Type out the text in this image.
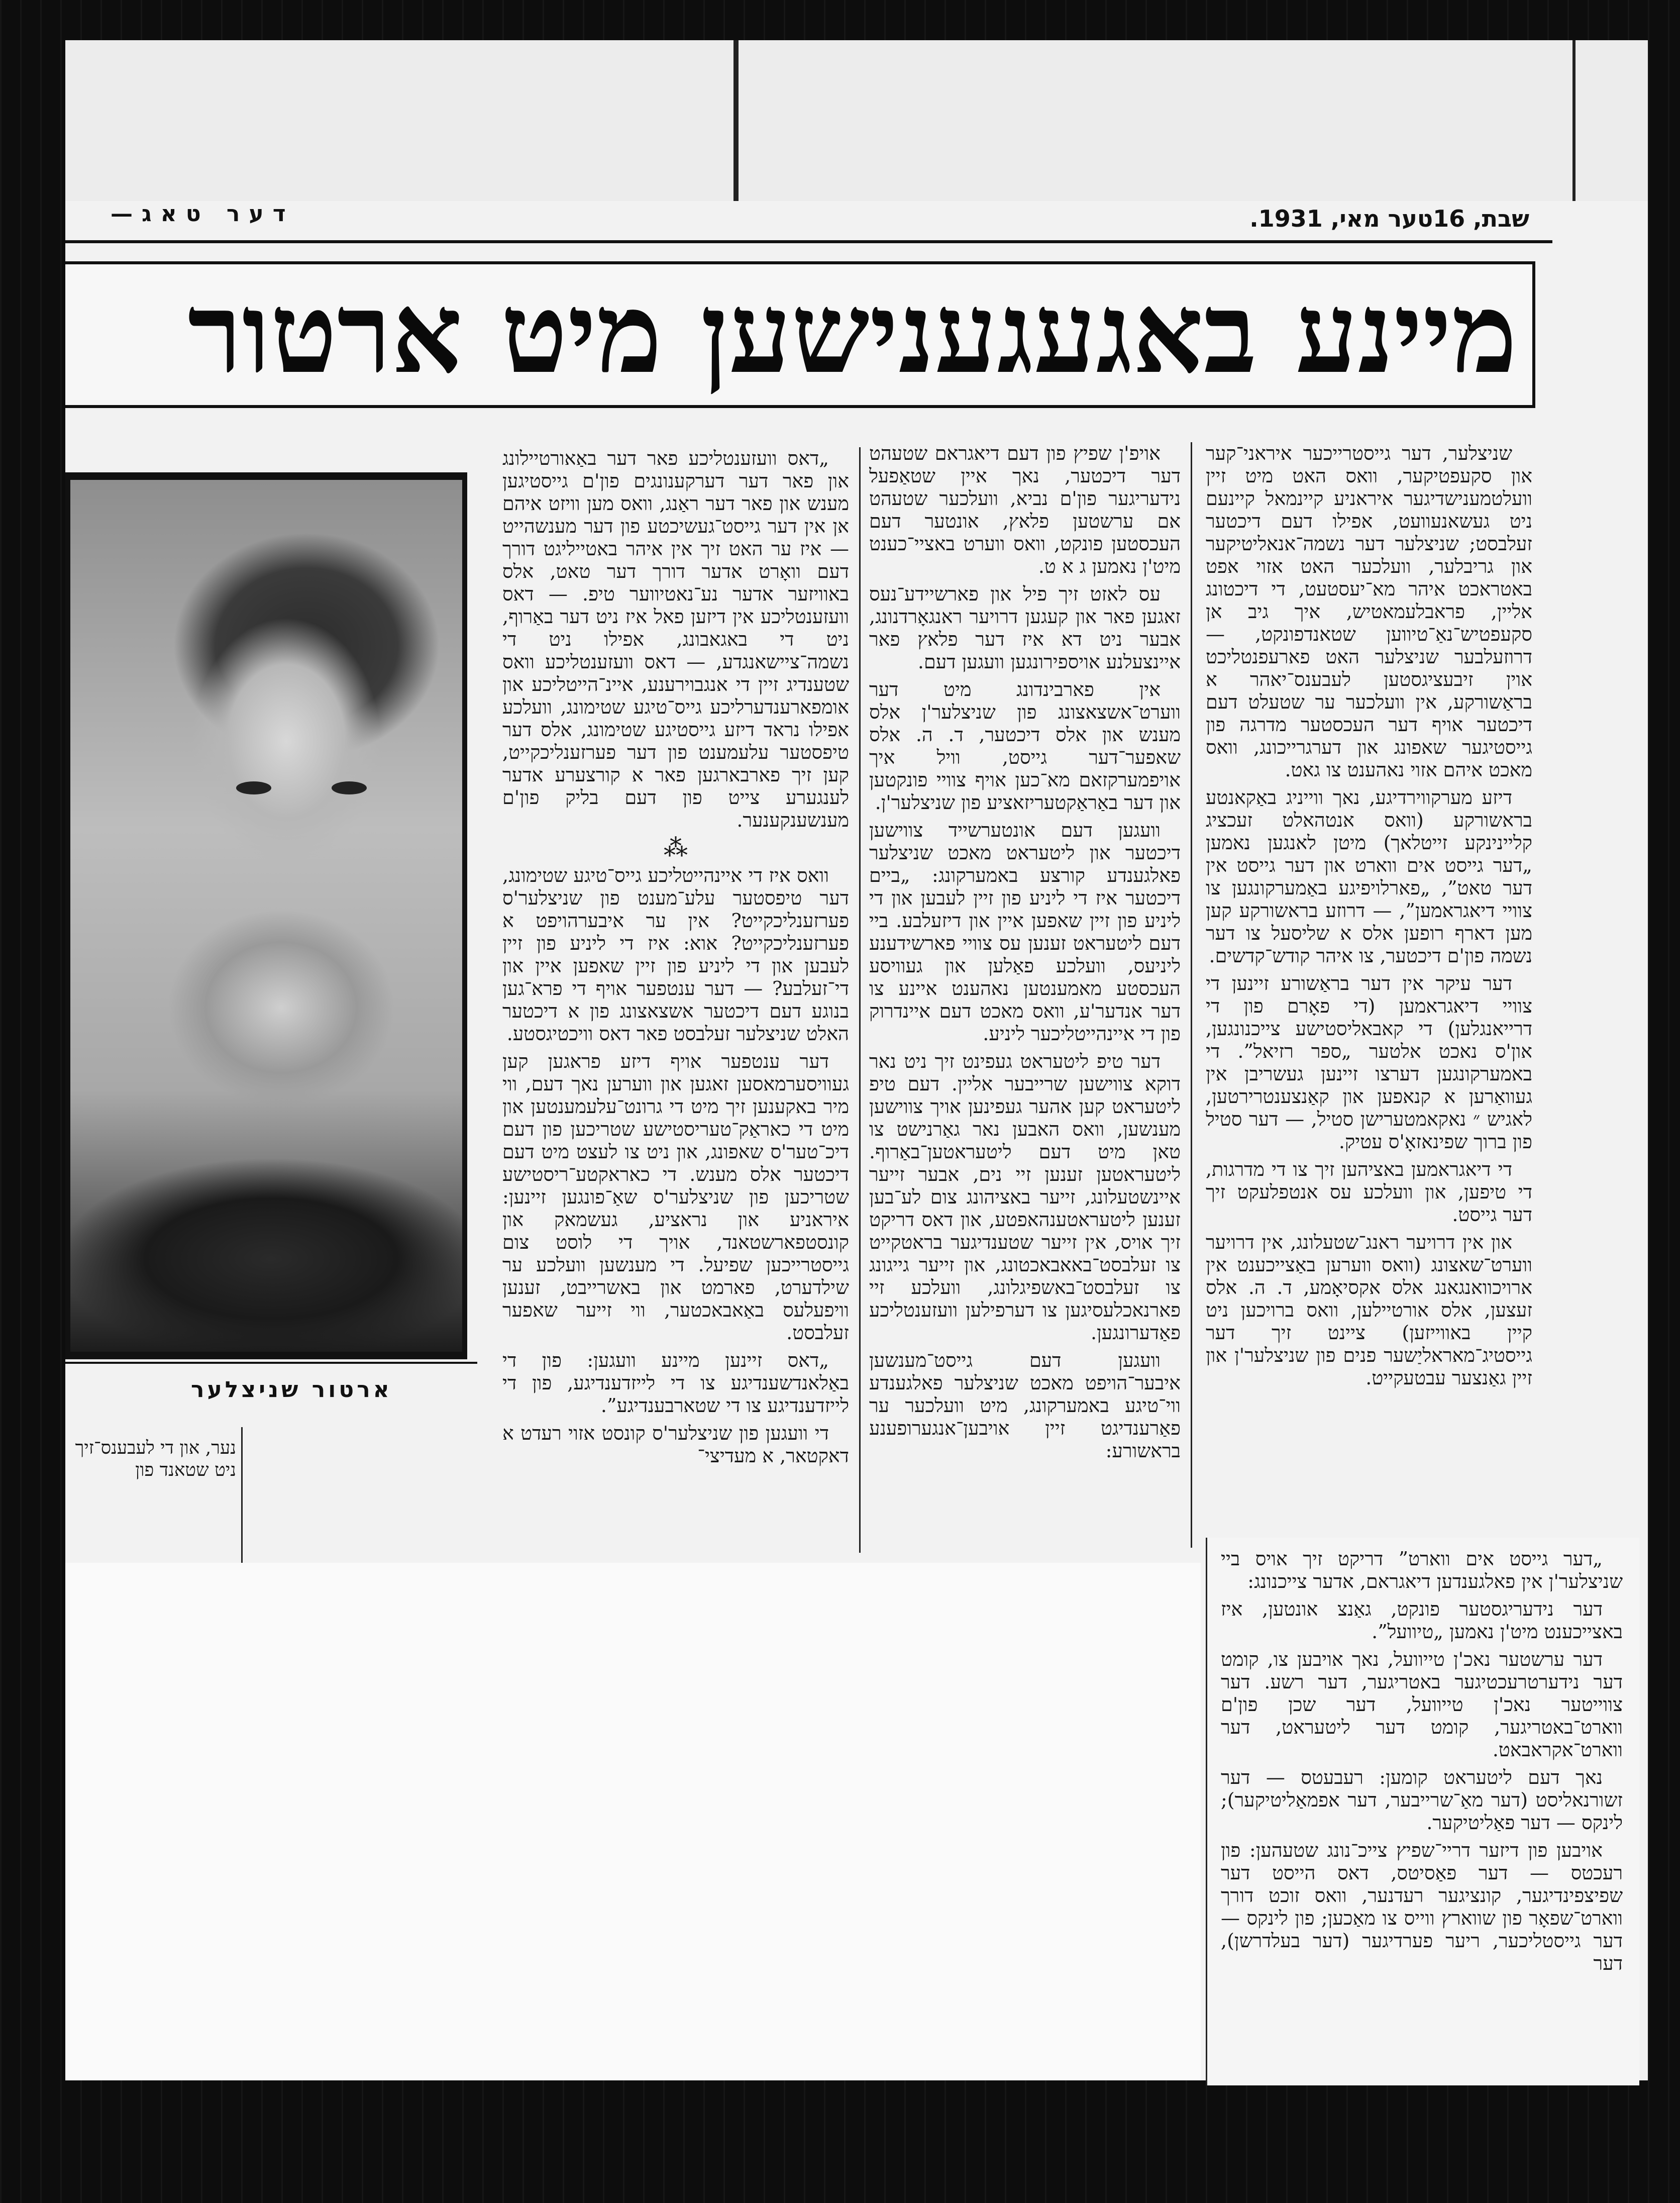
דער טאג—	שבת, 16טער מאי, 1931.
מיינע באגעגענישען מיט ארטור
ארטור שניצלער
נער, און די לעבענס־זיך ניט שטאנד פון

„דאס וועזענטליכע פאר דער באַאורטיילונג און פאר דער דערקענונגים פון'ם גייסטיגען מענש און פאר דער ראַנג, וואס מען וויזט איהם אן אין דער גייסט־געשיכטע פון דער מענשהייט — איז ער האט זיך אין איהר באטייליגט דורך דעם וואָרט אדער דורך דער טאט, אלס באוויזער אדער נע־נאטיווער טיפ. — דאס וועזענטליכע אין דיזען פאל איז ניט דער באַרוף, ניט די באגאבונג, אפילו ניט די נשמה־ציישאנגדע, — דאס וועזענטליכע וואס שטענדיג זיין די אנגבוירענע, איינ־הייטליכע און אומפארענדערליכע גייס־טיגע שטימונג, וועלכע אפילו נראד דיזע גייסטיגע שטימונג, אלס דער טיפסטער עלעמענט פון דער פערזענליכקייט, קען זיך פארבארגען פאר א קורצערע אדער לענגערע צייט פון דעם בליק פון'ם מענשענקענער.

⁂

וואס איז די איינהייטליכע גייס־טיגע שטימונג, דער טיפסטער עלע־מענט פון שניצלער'ס פערזענליכקייט? אין ער איבערהויפט א פערזענליכקייט? אוא: איז די ליניע פון זיין לעבען און די ליניע פון זיין שאפען איין און די־זעלבע? — דער ענטפער אויף די פרא־גען בנוגע דעם דיכטער אשצאצונג פון א דיכטער האלט שניצלער זעלבסט פאר דאס וויכטיגסטע.

דער ענטפער אויף דיזע פראגען קען געוויסערמאסען זאגען און ווערען נאך דעם, ווי מיר באקענען זיך מיט די גרונט־עלעמענטען און מיט די כאראַק־טעריסטישע שטריכען פון דעם דיכ־טער'ס שאפונג, און ניט צו לעצט מיט דעם דיכטער אלס מענש. די כאראקטע־ריסטישע שטריכען פון שניצלער'ס שאַ־פונגען זיינען: איראניע און נראציע, געשמאק און קונסטפארשטאנד, אויך די לוסט צום גייסטרייכען שפיעל. די מענשען וועלכע ער שילדערט, פארמט און באשרייבט, זענען וויפעלעס באַאבאכטער, ווי זייער שאפער זעלבסט.

„דאס זיינען מיינע וועגען: פון די באַלאנדשענדיגע צו די לייזדענדיגע, פון די לייזדענדיגע צו די שטארבענדיגע”.

די וועגען פון שניצלער'ס קונסט אזוי רעדט א דאקטאר, א מעדיצי־

אויפ'ן שפיץ פון דעם דיאגראם שטעהט דער דיכטער, נאך איין שטאַפעל נידעריגער פון'ם נביא, וועלכער שטעהט אם ערשטען פלאץ, אונטער דעם העכסטען פונקט, וואס ווערט באציי־כענט מיט'ן נאמען ג א ט.

עס לאזט זיך פיל און פארשיידע־נעס זאגען פאר און קעגען דרויער ראנגאָרדנונג, אבער ניט דא איז דער פלאץ פאר איינצעלנע אויספירונגען וועגען דעם.

אין פארבינדונג מיט דער ווערט־אשצאצונג פון שניצלער'ן אלס מענש און אלס דיכטער, ד. ה. אלס שאפער־דער גייסט, וויל איך אויפמערקזאם מא־כען אויף צוויי פונקטען און דער באַראַקטעריזאציע פון שניצלער'ן.

וועגען דעם אונטערשייד צווישען דיכטער און ליטעראט מאכט שניצלער פאלגענדע קורצע באמערקונג: „ביים דיכטער איז די ליניע פון זיין לעבען און די ליניע פון זיין שאפען איין און דיזעלבע. ביי דעם ליטעראט זענען עס צוויי פארשידענע ליניעס, וועלכע פאַלען און געוויסע העכסטע מאמענטען נאהענט איינע צו דער אנדער'ע, וואס מאכט דעם איינדרוק פון די איינהייטליכער ליניע.

דער טיפ ליטעראט געפינט זיך ניט נאר דוקא צווישען שרייבער אליין. דעם טיפ ליטעראט קען אהער געפינען אויך צווישען מענשען, וואס האבען נאר גאַרנישט צו טאן מיט דעם ליטעראטען־באַרוף. ליטעראטען זענען זיי נים, אבער זייער איינשטעלונג, זייער באציהונג צום לע־בען זענען ליטעראטענהאפטע, און דאס דריקט זיך אויס, אין זייער שטענדיגער בראטקייט צו זעלבסט־באאבאכטונג, און זייער גייגונג צו זעלבסט־באשפיגלונג, וועלכע זיי פארנאכלעסיגען צו דערפילען וועזענטליכע פאַדערונגען.

וועגען דעם גייסט־מענשען איבער־הויפט מאכט שניצלער פאלגענדע ווי־טיגע באמערקונג, מיט וועלכער ער פאַרענדיגט זיין אויבען־אנגערופענע בראשורע:

שניצלער, דער גייסטרייכער איראני־קער און סקעפטיקער, וואס האט מיט זיין וועלטמענישדיגער איראניע קיינמאל קיינעם ניט געשאנעוועט, אפילו דעם דיכטער זעלבסט; שניצלער דער נשמה־אנאליטיקער און גריבלער, וועלכער האט אזוי אפט באטראכט איהר מא־יעסטעט, די דיכטונג אליין, פראבלעמאטיש, איך גיב אן סקעפטיש־נאַ־טיווען שטאנדפונקט, — דרוזעלבער שניצלער האט פארעפנטליכט אוין זיבעציגסטען לעבענס־יאהר א בראַשורקע, אין וועלכער ער שטעלט דעם דיכטער אויף דער העכסטער מדרגה פון גייסטיגער שאפונג און דערגרייכונג, וואס מאכט איהם אזוי נאהענט צו גאט.

דיזע מערקווירדיגע, נאך ווייניג באַקאנטע בראשורקע (וואס אנטהאלט זעכציג קליינינקע זייטלאך) מיטן לאנגען נאמען „דער גייסט אים ווארט און דער גייסט אין דער טאט”, „פארלויפיגע באַמערקונגען צו צוויי דיאגראמען”, — דרוזע בראשורקע קען מען דארף רופען אלס א שליסעל צו דער נשמה פון'ם דיכטער, צו איהר קודש־קדשים.

דער עיקר אין דער בראַשורע זיינען די צוויי דיאגראמען (די פאָרם פון די דרייאנגלען) די קאבאליסטישע צייכנונגען, און'ס נאכט אלטער „ספר רזיאל”. די באמערקונגען דערצו זיינען געשריבן אין געוואַרען א קנאפען און קאַנצענטרירטען, לאגיש ״ נאקאמטערישן סטיל, — דער סטיל פון ברוך שפינאזאָ'ס עטיק.

די דיאגראמען באציהען זיך צו די מדרגות, די טיפען, און וועלכע עס אנטפלעקט זיך דער גייסט.

און אין דרויער ראנג־שטעלונג, אין דרויער ווערט־שאצונג (וואס ווערען באַצייכענט אין ארויכוואנגאנג אלס אקסיאָמע, ד. ה. אלס זעצען, אלס אורטיילען, וואס ברויכען ניט קיין באווייזען) ציינט זיך דער גייסטיג־מאראליַשער פנים פון שניצלער'ן און זיין גאַנצער עבטעקייט.

„דער גייסט אים ווארט” דריקט זיך אויס ביי שניצלער'ן אין פאלגענדען דיאגראם, אדער צייכנונג:

דער נידעריגסטער פונקט, גאַנצ אונטען, איז באצייכענט מיט'ן נאמען „טיוועל”.

דער ערשטער נאכ'ן טייוועל, נאך אויבען צו, קומט דער נידערטרעכטיגער באטריגער, דער רשע. דער צווייטער נאכ'ן טייוועל, דער שכן פון'ם ווארט־באטריגער, קומט דער ליטעראט, דער ווארט־אקראבאט.

נאך דעם ליטעראט קומען: רעבעטס — דער זשורנאליסט (דער מאַ־שרייבער, דער אפמאַליטיקער); לינקס — דער פאַליטיקער.

אויבען פון דיזער דריי־שפיץ צייכ־נונג שטעהען: פון רעכטס — דער פאַסיטס, דאס הייסט דער שפיצפינדיגער, קונציגער רעדנער, וואס זוכט דורך ווארט־שפאָר פון שווארץ ווייס צו מאַכען; פון לינקס — דער גייסטליכער, ריער פערדיגער (דער בעלדרשן), דער
